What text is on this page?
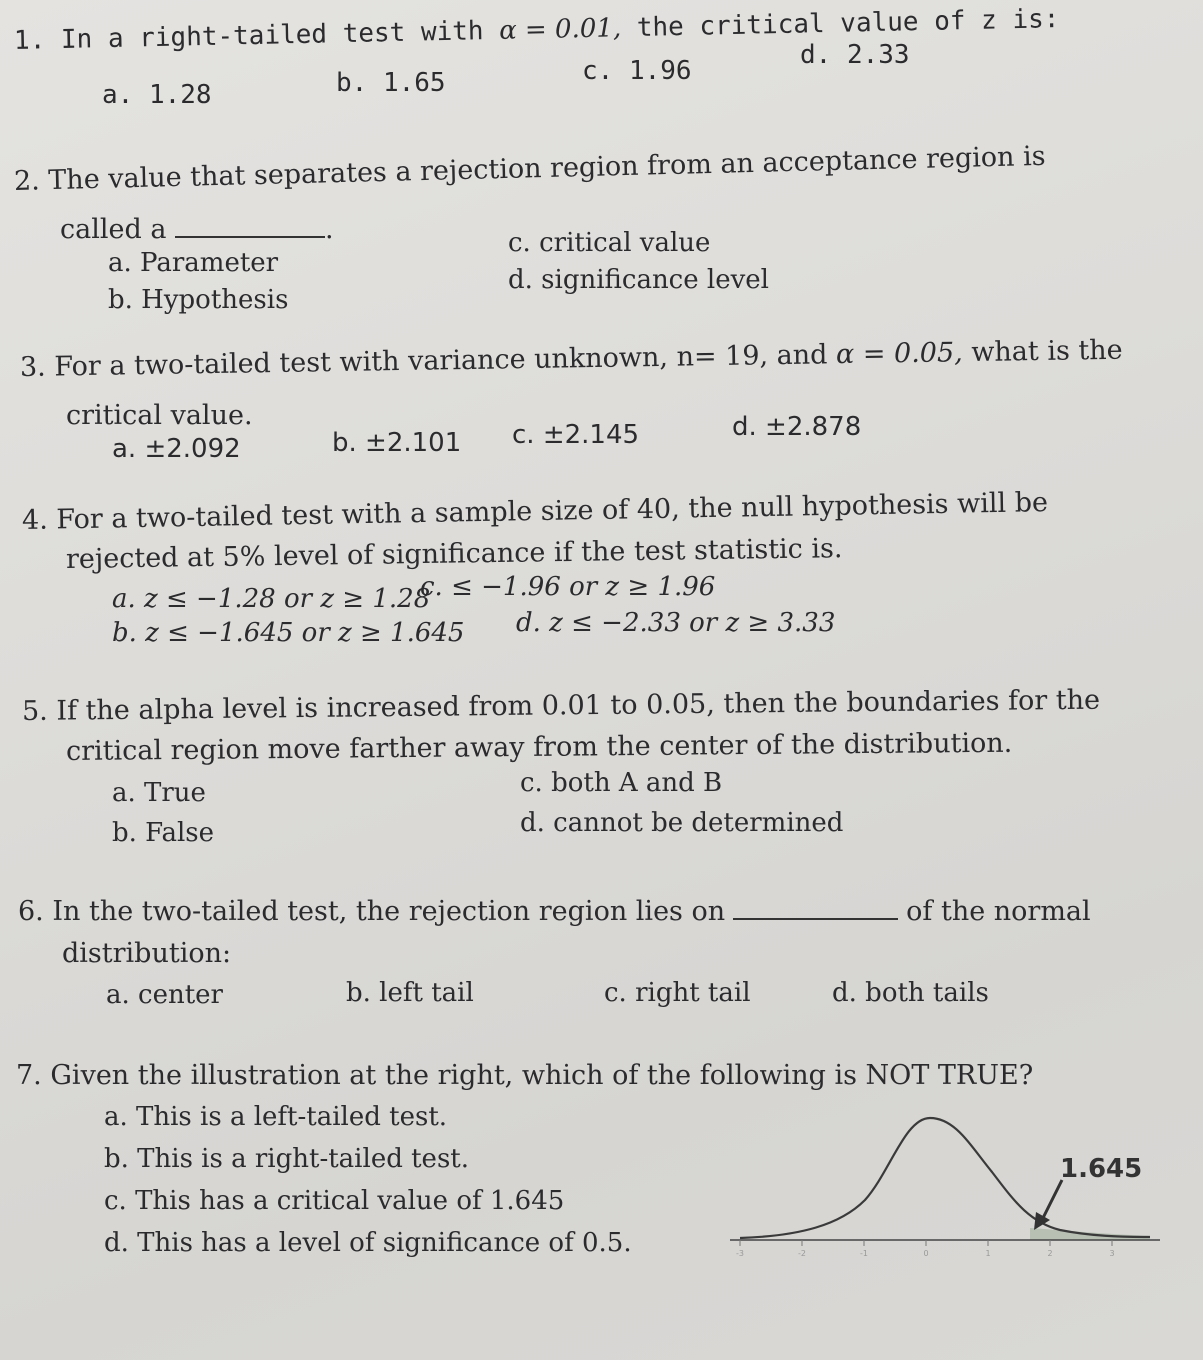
1. In a right-tailed test with α = 0.01, the critical value of z is:
a. 1.28	b. 1.65	c. 1.96
d. 2.33
2. The value that separates a rejection region from an acceptance region is
called a	.
a. Parameter
b. Hypothesis
c. critical value
d. significance level
3. For a two-tailed test with variance unknown, n= 19, and α = 0.05, what is the
critical value.
a. ±2.092	b. ±2.101 c. ±2.145	d. ±2.878
4. For a two-tailed test with a sample size of 40, the null hypothesis will be
rejected at 5% level of significance if the test statistic is.
a. z ≤ −1.28 or z ≥ 1.28
c. ≤ −1.96 or z ≥ 1.96
b. z ≤ −1.645 or z ≥ 1.645 d. z ≤ −2.33 or z ≥ 3.33
5. If the alpha level is increased from 0.01 to 0.05, then the boundaries for the
critical region move farther away from the center of the distribution.
a. True
b. False
c. both A and B
d. cannot be determined
6. In the two-tailed test, the rejection region lies on	of the normal
distribution:
a. center	b. left tail	c. right tail	d. both tails
7. Given the illustration at the right, which of the following is NOT TRUE?
a. This is a left-tailed test.
b. This is a right-tailed test.
c. This has a critical value of 1.645
d. This has a level of significance of 0.5.	-3	-2	-1	0	1	2	3
1.645
